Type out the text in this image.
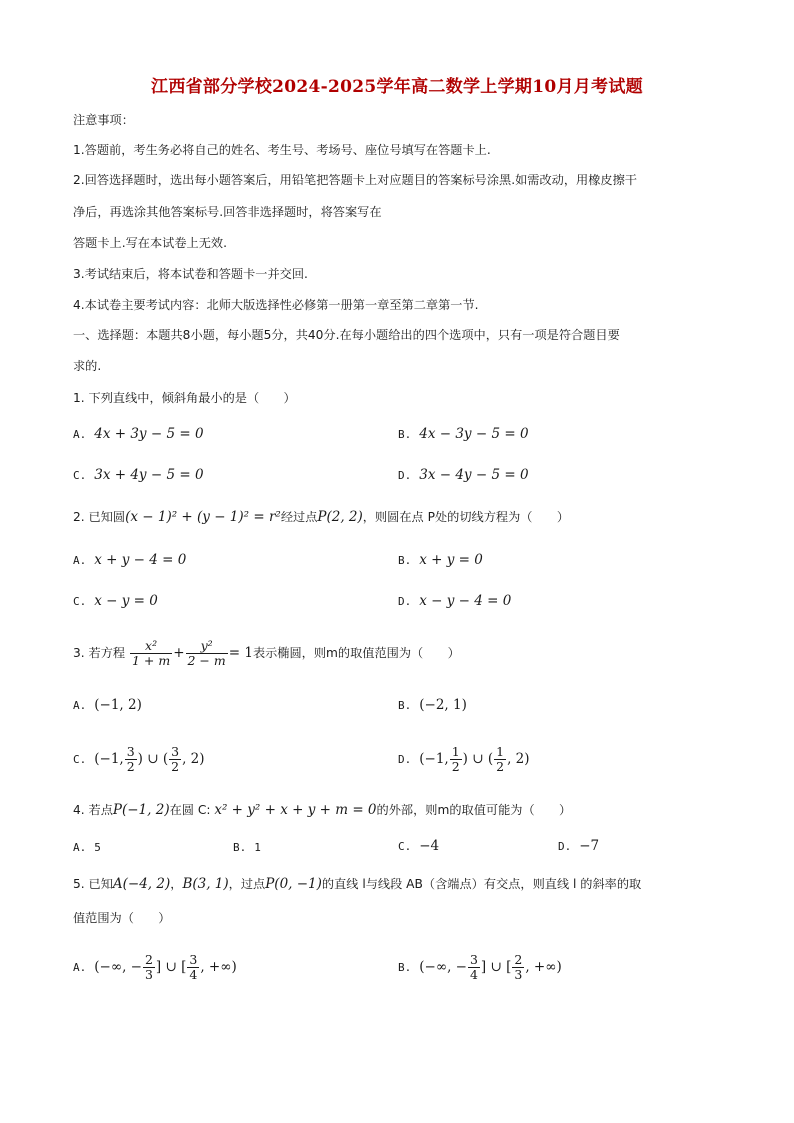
江西省部分学校2024-2025学年高二数学上学期10月月考试题
注意事项：
1.答题前，考生务必将自己的姓名、考生号、考场号、座位号填写在答题卡上.
2.回答选择题时，选出每小题答案后，用铅笔把答题卡上对应题目的答案标号涂黑.如需改动，用橡皮擦干
净后，再选涂其他答案标号.回答非选择题时，将答案写在
答题卡上.写在本试卷上无效.
3.考试结束后，将本试卷和答题卡一并交回.
4.本试卷主要考试内容：北师大版选择性必修第一册第一章至第二章第一节.
一、选择题：本题共8小题，每小题5分，共40分.在每小题给出的四个选项中，只有一项是符合题目要
求的.
1. 下列直线中，倾斜角最小的是（　　）
A. 4x + 3y − 5 = 0	B. 4x − 3y − 5 = 0
C. 3x + 4y − 5 = 0	D. 3x − 4y − 5 = 0
2. 已知圆(x − 1)² + (y − 1)² = r²经过点P(2, 2)，则圆在点 P处的切线方程为（　　）
A. x + y − 4 = 0	B. x + y = 0
C. x − y = 0	D. x − y − 4 = 0
3. 若方程 $\frac{\text{x²}}{1 + m} + \frac{\text{y²}}{2 - m} = 1$表示椭圆，则m的取值范围为（　　）
A. (−1, 2)	B. (−2, 1)
C. (−1, $\frac{3}{2}$ ) ∪ ( $\frac{3}{2}$ , 2)	D. (−1, $\frac{1}{2}$ ) ∪ ( $\frac{1}{2}$ , 2)
4. 若点P(−1, 2)在圆 C: x² + y² + x + y + m = 0的外部，则m的取值可能为（　　）
A. 5	B. 1	C. −4	D. −7
5. 已知A(−4, 2)，B(3, 1)，过点P(0, −1)的直线 l与线段 AB（含端点）有交点，则直线 l 的斜率的取
值范围为（　　）
A. (−∞, − $\frac{2}{3}$ ] ∪ [ $\frac{3}{4}$ , +∞)	B. (−∞, − $\frac{3}{4}$ ] ∪ [ $\frac{2}{3}$ , +∞)
